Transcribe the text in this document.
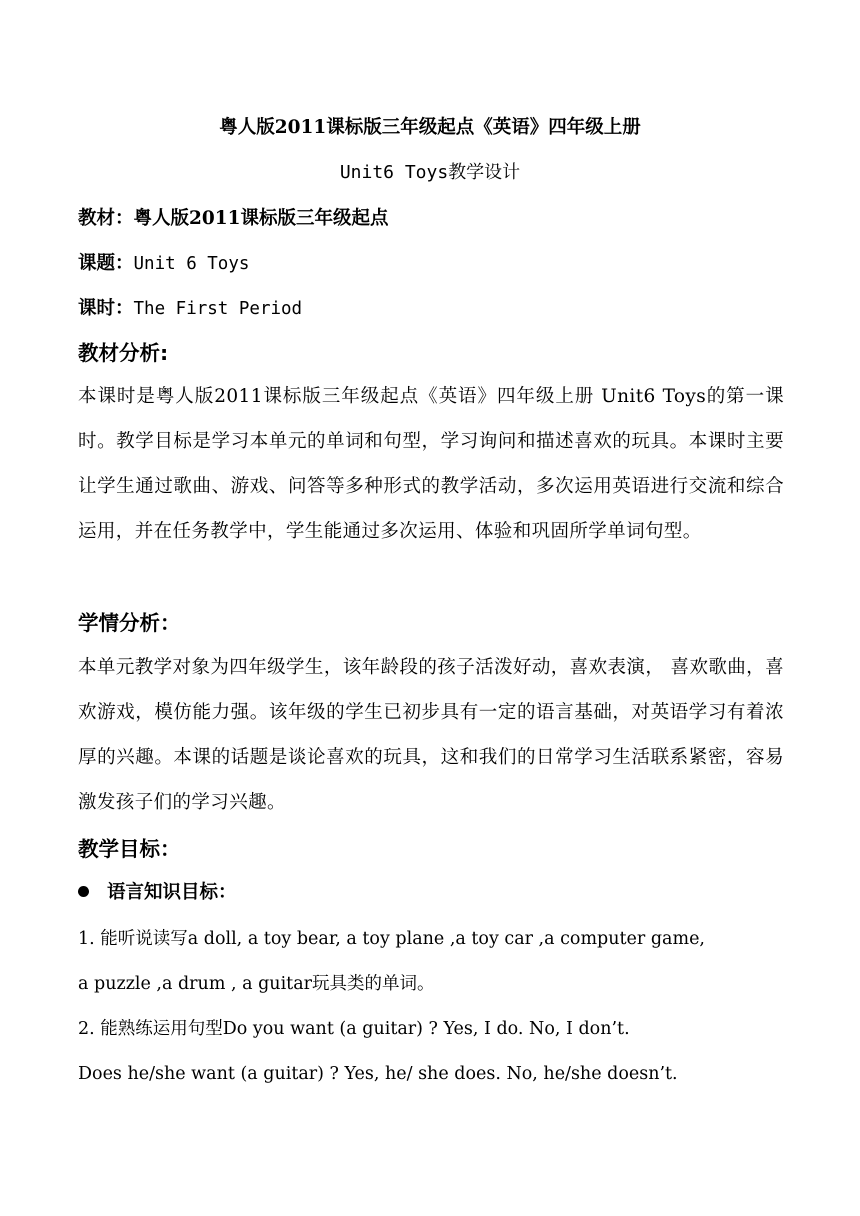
粤人版2011课标版三年级起点《英语》四年级上册
Unit6 Toys教学设计
教材：粤人版2011课标版三年级起点
课题：Unit 6 Toys
课时：The First Period
教材分析:
本课时是粤人版2011课标版三年级起点《英语》四年级上册 Unit6 Toys的第一课时。教学目标是学习本单元的单词和句型，学习询问和描述喜欢的玩具。本课时主要让学生通过歌曲、游戏、问答等多种形式的教学活动，多次运用英语进行交流和综合运用，并在任务教学中，学生能通过多次运用、体验和巩固所学单词句型。
学情分析：
本单元教学对象为四年级学生，该年龄段的孩子活泼好动，喜欢表演， 喜欢歌曲，喜欢游戏，模仿能力强。该年级的学生已初步具有一定的语言基础，对英语学习有着浓厚的兴趣。本课的话题是谈论喜欢的玩具，这和我们的日常学习生活联系紧密，容易激发孩子们的学习兴趣。
教学目标：
语言知识目标：
1. 能听说读写a doll, a toy bear, a toy plane ,a toy car ,a computer game,
a puzzle ,a drum , a guitar玩具类的单词。
2. 能熟练运用句型Do you want (a guitar) ? Yes, I do. No, I don’t.
Does he/she want (a guitar) ? Yes, he/ she does. No, he/she doesn’t.
